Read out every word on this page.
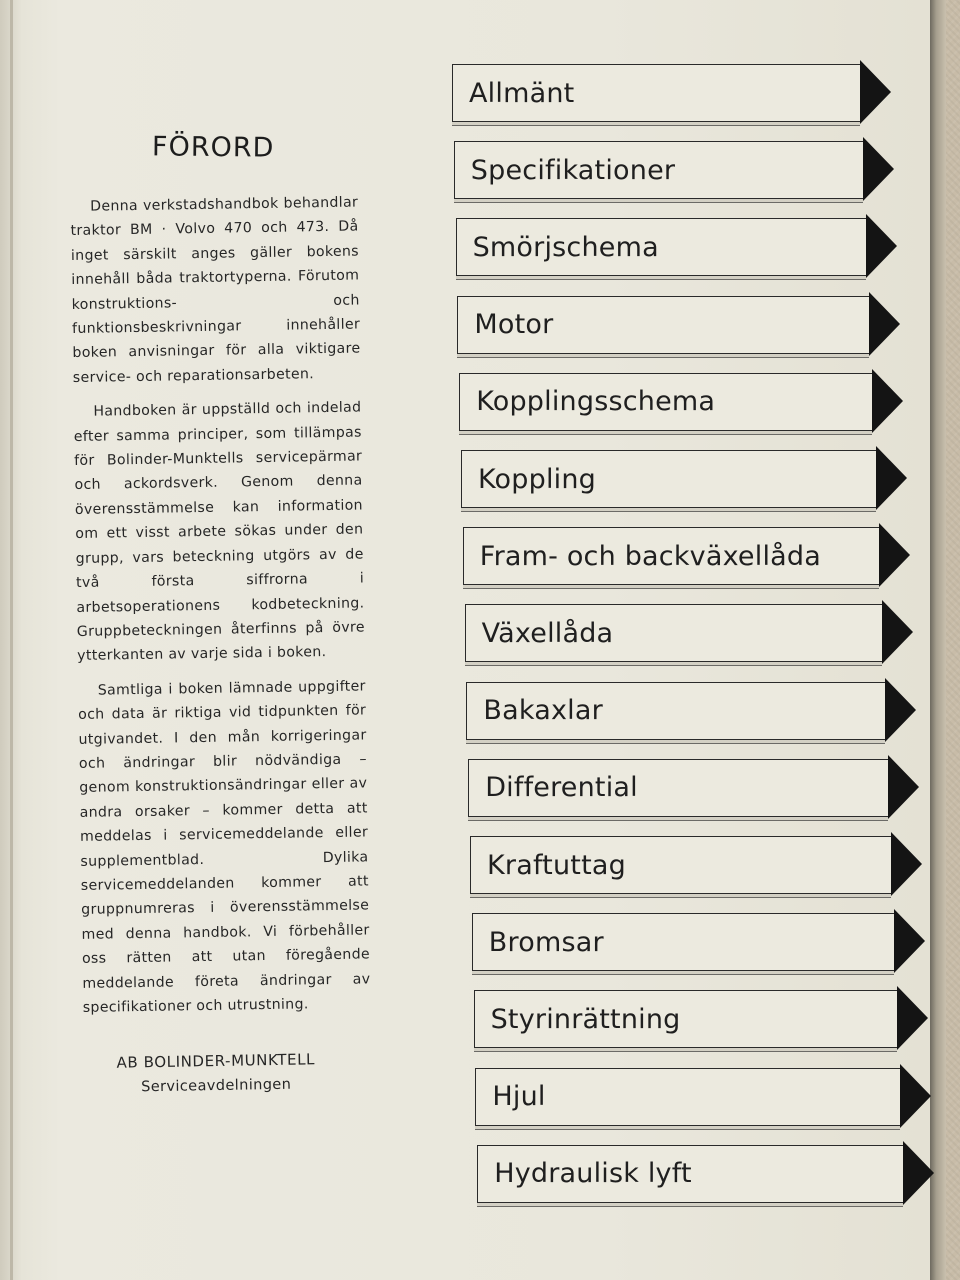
FÖRORD

Denna verkstadshandbok behandlar traktor BM · Volvo 470 och 473. Då inget särskilt anges gäller bokens innehåll båda traktortyperna. Förutom konstruktions- och funktionsbeskrivningar innehåller boken anvisningar för alla viktigare service- och reparationsarbeten.

Handboken är uppställd och indelad efter samma principer, som tillämpas för Bolinder-Munktells servicepärmar och ackordsverk. Genom denna överensstämmelse kan information om ett visst arbete sökas under den grupp, vars beteckning utgörs av de två första siffrorna i arbetsoperationens kodbeteckning. Gruppbeteckningen återfinns på övre ytterkanten av varje sida i boken.

Samtliga i boken lämnade uppgifter och data är riktiga vid tidpunkten för utgivandet. I den mån korrigeringar och ändringar blir nödvändiga – genom konstruktionsändringar eller av andra orsaker – kommer detta att meddelas i servicemeddelande eller supplementblad. Dylika servicemeddelanden kommer att gruppnumreras i överensstämmelse med denna handbok. Vi förbehåller oss rätten att utan föregående meddelande företa ändringar av specifikationer och utrustning.

AB BOLINDER-MUNKTELL
Serviceavdelningen
Allmänt
Specifikationer
Smörjschema
Motor
Kopplingsschema
Koppling
Fram- och backväxellåda
Växellåda
Bakaxlar
Differential
Kraftuttag
Bromsar
Styrinrättning
Hjul
Hydraulisk lyft
